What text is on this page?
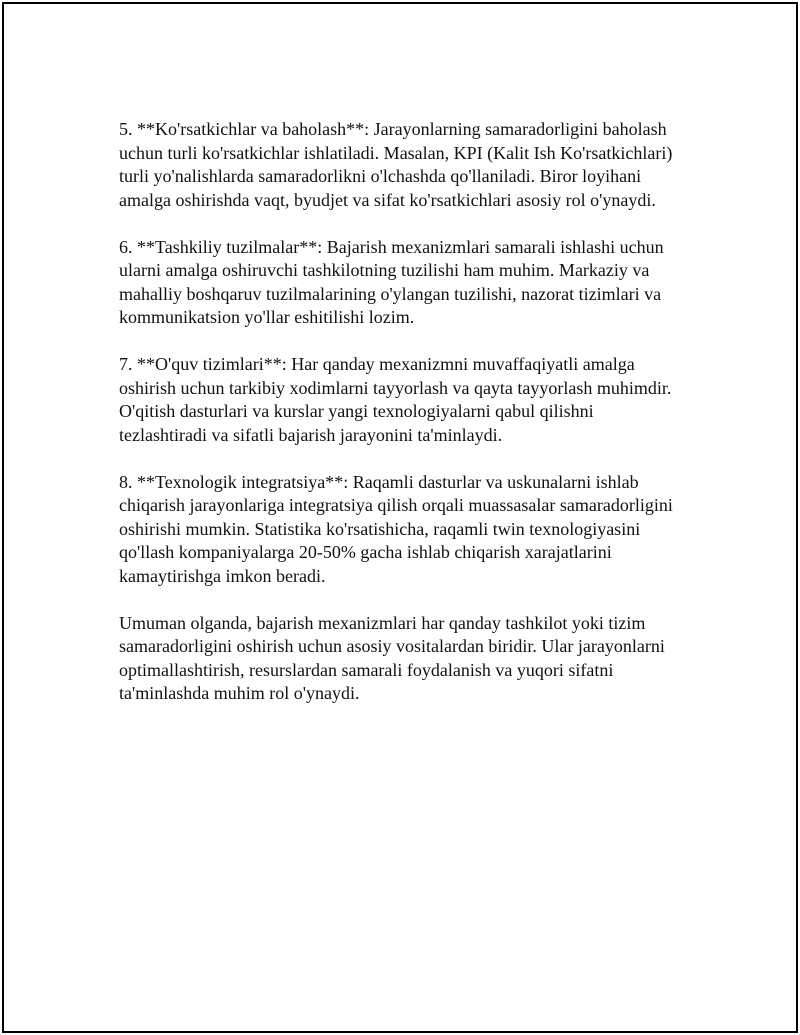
5. **Ko'rsatkichlar va baholash**: Jarayonlarning samaradorligini baholash
uchun turli ko'rsatkichlar ishlatiladi. Masalan, KPI (Kalit Ish Ko'rsatkichlari)
turli yo'nalishlarda samaradorlikni o'lchashda qo'llaniladi. Biror loyihani
amalga oshirishda vaqt, byudjet va sifat ko'rsatkichlari asosiy rol o'ynaydi.

6. **Tashkiliy tuzilmalar**: Bajarish mexanizmlari samarali ishlashi uchun
ularni amalga oshiruvchi tashkilotning tuzilishi ham muhim. Markaziy va
mahalliy boshqaruv tuzilmalarining o'ylangan tuzilishi, nazorat tizimlari va
kommunikatsion yo'llar eshitilishi lozim.

7. **O'quv tizimlari**: Har qanday mexanizmni muvaffaqiyatli amalga
oshirish uchun tarkibiy xodimlarni tayyorlash va qayta tayyorlash muhimdir.
O'qitish dasturlari va kurslar yangi texnologiyalarni qabul qilishni
tezlashtiradi va sifatli bajarish jarayonini ta'minlaydi.

8. **Texnologik integratsiya**: Raqamli dasturlar va uskunalarni ishlab
chiqarish jarayonlariga integratsiya qilish orqali muassasalar samaradorligini
oshirishi mumkin. Statistika ko'rsatishicha, raqamli twin texnologiyasini
qo'llash kompaniyalarga 20-50% gacha ishlab chiqarish xarajatlarini
kamaytirishga imkon beradi.

Umuman olganda, bajarish mexanizmlari har qanday tashkilot yoki tizim
samaradorligini oshirish uchun asosiy vositalardan biridir. Ular jarayonlarni
optimallashtirish, resurslardan samarali foydalanish va yuqori sifatni
ta'minlashda muhim rol o'ynaydi.
